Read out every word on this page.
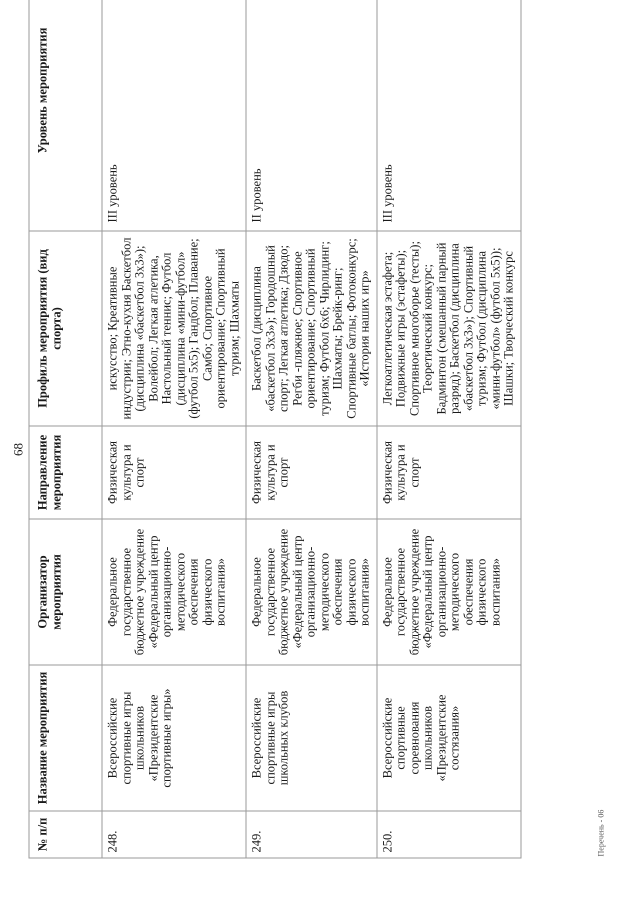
68
№ п/п	Название мероприятия	Организатор мероприятия	Направление мероприятия	Профиль мероприятия (вид спорта)	Уровень мероприятия
248.	Всероссийские спортивные игры школьников «Президентские спортивные игры»	Федеральное государственное бюджетное учреждение «Федеральный центр организационно-методического обеспечения физического воспитания»	Физическая культура и спорт	искусство; Креативные индустрии; Этно-кухня Баскетбол (дисциплина «баскетбол 3х3»); Волейбол; Легкая атлетика, Настольный теннис; Футбол (дисциплина «мини-футбол» (футбол 5х5); Гандбол; Плавание; Самбо; Спортивное ориентирование; Спортивный туризм; Шахматы	III уровень
249.	Всероссийские спортивные игры школьных клубов	Федеральное государственное бюджетное учреждение «Федеральный центр организационно-методического обеспечения физического воспитания»	Физическая культура и спорт	Баскетбол (дисциплина «баскетбол 3х3»); Городошный спорт; Легкая атлетика; Дзюдо; Регби -пляжное; Спортивное ориентирование; Спортивный туризм; Футбол 6х6; Чирлидинг; Шахматы; Брейк-ринг; Спортивные батлы; Фотоконкурс; «История наших игр»	II уровень
250.	Всероссийские спортивные соревнования школьников «Президентские состязания»	Федеральное государственное бюджетное учреждение «Федеральный центр организационно-методического обеспечения физического воспитания»	Физическая культура и спорт	Легкоатлетическая эстафета; Подвижные игры (эстафеты); Спортивное многоборье (тесты); Теоретический конкурс; Бадминтон (смешанный парный разряд); Баскетбол (дисциплина «баскетбол 3х3»); Спортивный туризм; Футбол (дисциплина «мини-футбол» (футбол 5х5)); Шашки; Творческий конкурс	III уровень
Перечень - 06
